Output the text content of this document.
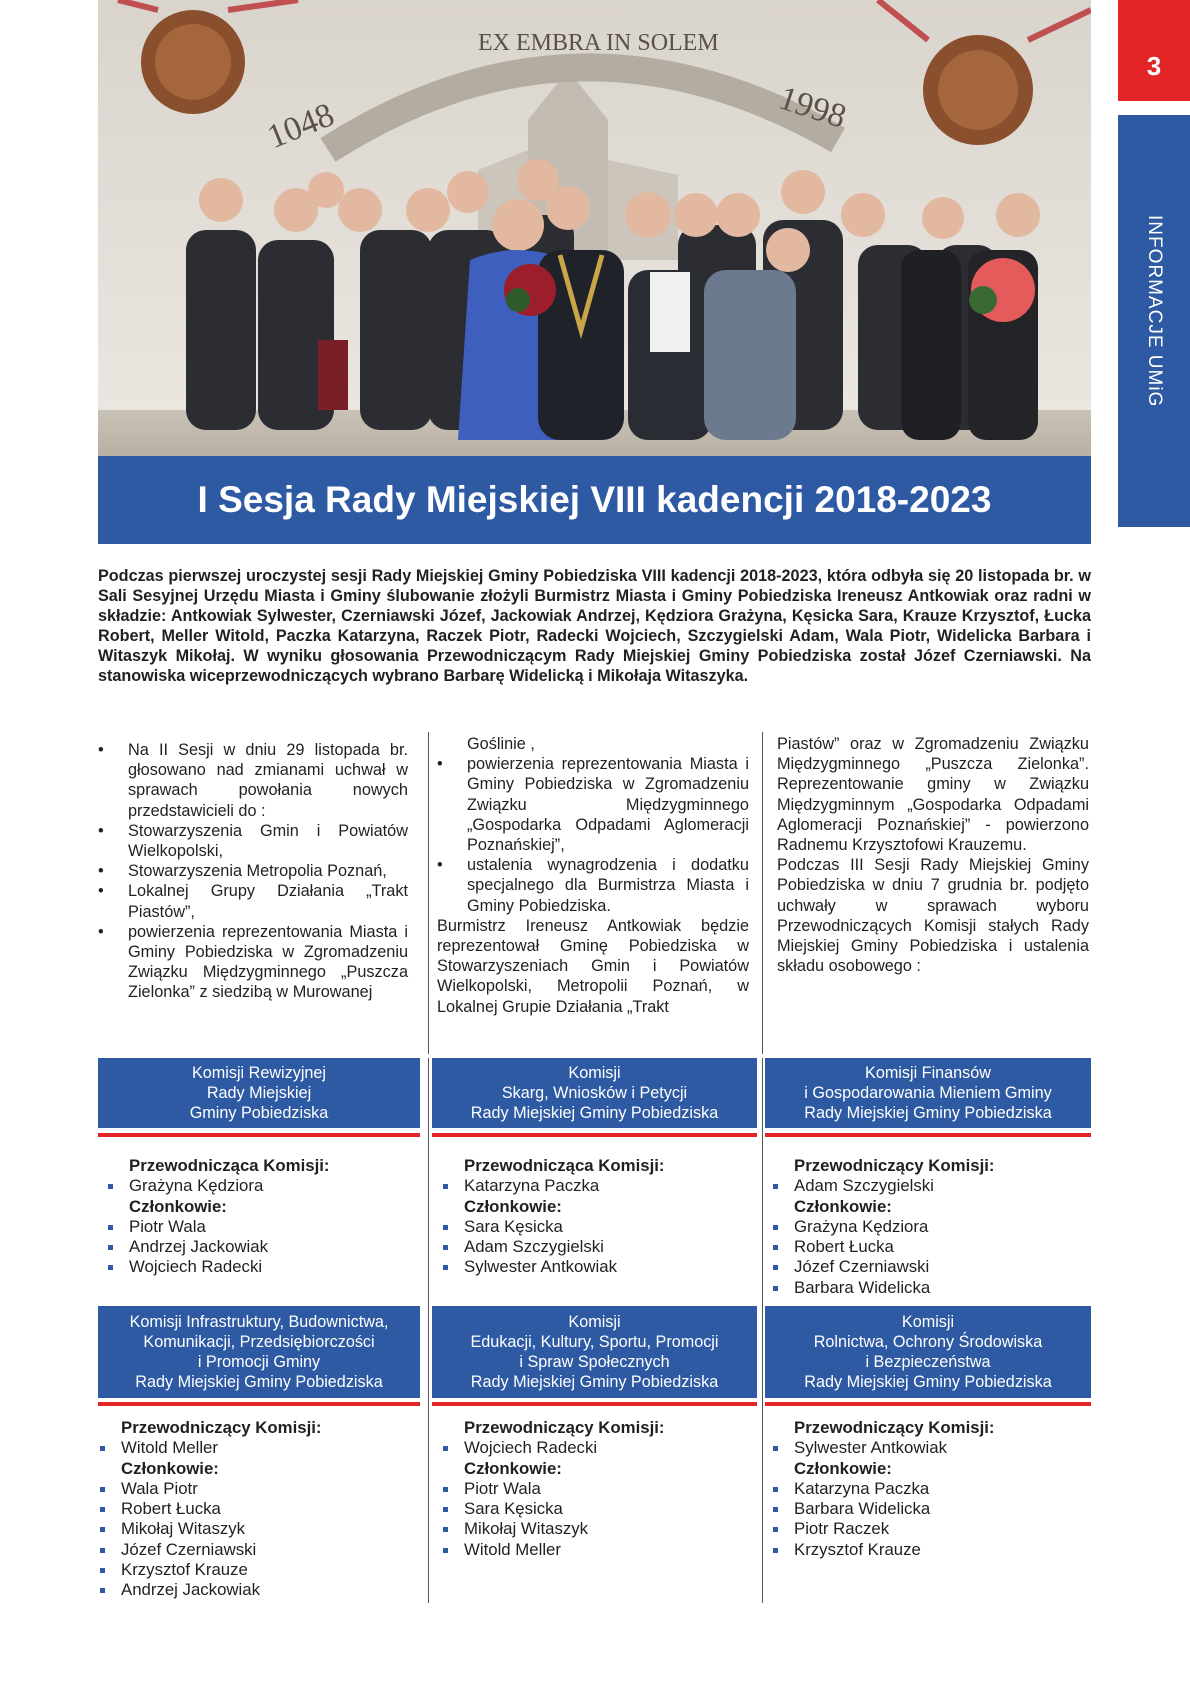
3
INFORMACJE UMiG
EX EMBRA IN SOLEM
1048	1998
I Sesja Rady Miejskiej VIII kadencji 2018-2023

Podczas pierwszej uroczystej sesji Rady Miejskiej Gminy Pobiedziska VIII kadencji 2018-2023, która odbyła się 20 listopada br. w Sali Sesyjnej Urzędu Miasta i Gminy ślubowanie złożyli Burmistrz Miasta i Gminy Pobiedziska Ireneusz Antkowiak oraz radni w składzie: Antkowiak Sylwester, Czerniawski Józef, Jackowiak Andrzej, Kędziora Grażyna, Kęsicka Sara, Krauze Krzysztof, Łucka Robert, Meller Witold, Paczka Katarzyna, Raczek Piotr, Radecki Wojciech, Szczygielski Adam, Wala Piotr, Widelicka Barbara i Witaszyk Mikołaj. W wyniku głosowania Przewodniczącym Rady Miejskiej Gminy Pobiedziska został Józef Czerniawski. Na stanowiska wiceprzewodniczących wybrano Barbarę Widelicką i Mikołaja Witaszyka.

• Na II Sesji w dniu 29 listopada br. głosowano nad zmianami uchwał w sprawach powołania nowych przedstawicieli do :
• Stowarzyszenia Gmin i Powiatów Wielkopolski,
• Stowarzyszenia Metropolia Poznań,
• Lokalnej Grupy Działania „Trakt Piastów”,
• powierzenia reprezentowania Miasta i Gminy Pobiedziska w Zgromadzeniu Związku Międzygminnego „Puszcza Zielonka” z siedzibą w Murowanej

Goślinie ,

• powierzenia reprezentowania Miasta i Gminy Pobiedziska w Zgromadzeniu Związku Międzygminnego „Gospodarka Odpadami Aglomeracji Poznańskiej”,
• ustalenia wynagrodzenia i dodatku specjalnego dla Burmistrza Miasta i Gminy Pobiedziska.

Burmistrz Ireneusz Antkowiak będzie reprezentował Gminę Pobiedziska w Stowarzyszeniach Gmin i Powiatów Wielkopolski, Metropolii Poznań, w Lokalnej Grupie Działania „Trakt

Piastów” oraz w Zgromadzeniu Związku Międzygminnego „Puszcza Zielonka”. Reprezentowanie gminy w Związku Międzygminnym „Gospodarka Odpadami Aglomeracji Poznańskiej” - powierzono Radnemu Krzysztofowi Krauzemu.

Podczas III Sesji Rady Miejskiej Gminy Pobiedziska w dniu 7 grudnia br. podjęto uchwały w sprawach wyboru Przewodniczących Komisji stałych Rady Miejskiej Gminy Pobiedziska i ustalenia składu osobowego :

Komisji Rewizyjnej
Rady Miejskiej
Gminy Pobiedziska
Komisji
Skarg, Wniosków i Petycji
Rady Miejskiej Gminy Pobiedziska
Komisji Finansów
i Gospodarowania Mieniem Gminy
Rady Miejskiej Gminy Pobiedziska
Przewodnicząca Komisji:
Grażyna Kędziora
Członkowie:
Piotr Wala
Andrzej Jackowiak
Wojciech Radecki
Przewodnicząca Komisji:
Katarzyna Paczka
Członkowie:
Sara Kęsicka
Adam Szczygielski
Sylwester Antkowiak
Przewodniczący Komisji:
Adam Szczygielski
Członkowie:
Grażyna Kędziora
Robert Łucka
Józef Czerniawski
Barbara Widelicka
Komisji Infrastruktury, Budownictwa,
Komunikacji, Przedsiębiorczości
i Promocji Gminy
Rady Miejskiej Gminy Pobiedziska
Komisji
Edukacji, Kultury, Sportu, Promocji
i Spraw Społecznych
Rady Miejskiej Gminy Pobiedziska
Komisji
Rolnictwa, Ochrony Środowiska
i Bezpieczeństwa
Rady Miejskiej Gminy Pobiedziska
Przewodniczący Komisji:
Witold Meller
Członkowie:
Wala Piotr
Robert Łucka
Mikołaj Witaszyk
Józef Czerniawski
Krzysztof Krauze
Andrzej Jackowiak
Przewodniczący Komisji:
Wojciech Radecki
Członkowie:
Piotr Wala
Sara Kęsicka
Mikołaj Witaszyk
Witold Meller
Przewodniczący Komisji:
Sylwester Antkowiak
Członkowie:
Katarzyna Paczka
Barbara Widelicka
Piotr Raczek
Krzysztof Krauze
